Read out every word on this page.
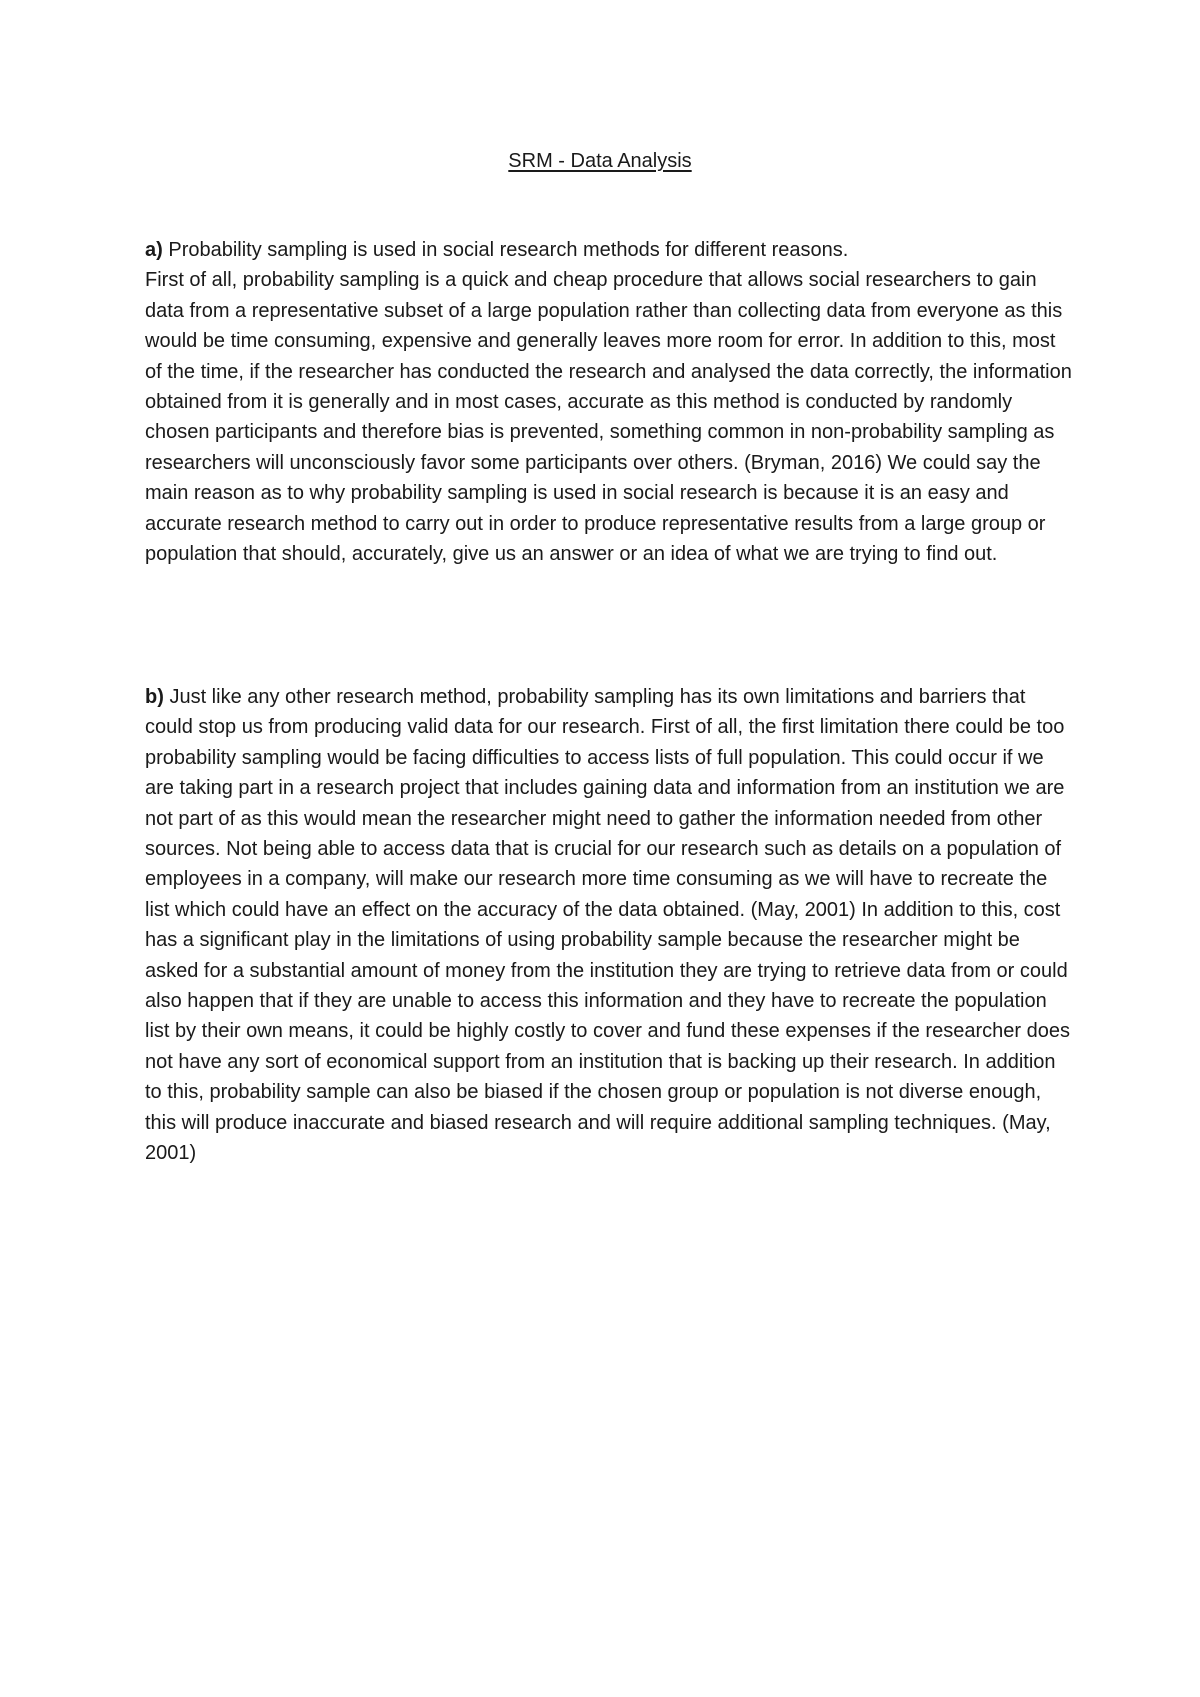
SRM - Data Analysis

a) Probability sampling is used in social research methods for different reasons.

First of all, probability sampling is a quick and cheap procedure that allows social researchers to gain data from a representative subset of a large population rather than collecting data from everyone as this would be time consuming, expensive and generally leaves more room for error. In addition to this, most of the time, if the researcher has conducted the research and analysed the data correctly, the information obtained from it is generally and in most cases, accurate as this method is conducted by randomly chosen participants and therefore bias is prevented, something common in non-probability sampling as researchers will unconsciously favor some participants over others. (Bryman, 2016) We could say the main reason as to why probability sampling is used in social research is because it is an easy and accurate research method to carry out in order to produce representative results from a large group or population that should, accurately, give us an answer or an idea of what we are trying to find out.

b) Just like any other research method, probability sampling has its own limitations and barriers that could stop us from producing valid data for our research. First of all, the first limitation there could be too probability sampling would be facing difficulties to access lists of full population. This could occur if we are taking part in a research project that includes gaining data and information from an institution we are not part of as this would mean the researcher might need to gather the information needed from other sources. Not being able to access data that is crucial for our research such as details on a population of employees in a company, will make our research more time consuming as we will have to recreate the list which could have an effect on the accuracy of the data obtained. (May, 2001) In addition to this, cost has a significant play in the limitations of using probability sample because the researcher might be asked for a substantial amount of money from the institution they are trying to retrieve data from or could also happen that if they are unable to access this information and they have to recreate the population list by their own means, it could be highly costly to cover and fund these expenses if the researcher does not have any sort of economical support from an institution that is backing up their research. In addition to this, probability sample can also be biased if the chosen group or population is not diverse enough, this will produce inaccurate and biased research and will require additional sampling techniques. (May, 2001)
